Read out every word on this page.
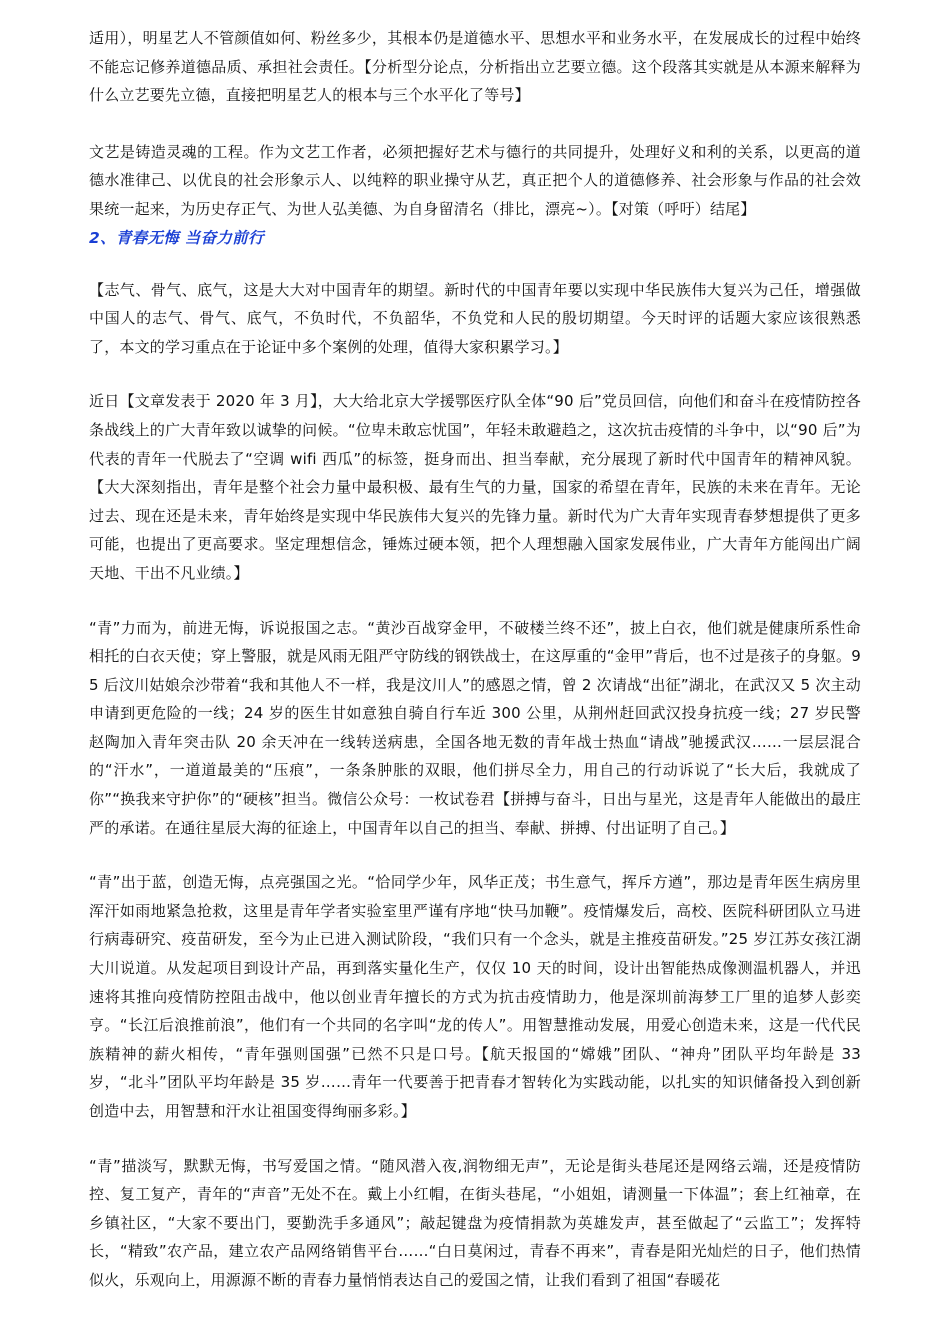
适用），明星艺人不管颜值如何、粉丝多少，其根本仍是道德水平、思想水平和业务水平，在发展成长的过程中始终不能忘记修养道德品质、承担社会责任。【分析型分论点，分析指出立艺要立德。这个段落其实就是从本源来解释为什么立艺要先立德，直接把明星艺人的根本与三个水平化了等号】

文艺是铸造灵魂的工程。作为文艺工作者，必须把握好艺术与德行的共同提升，处理好义和利的关系，以更高的道德水准律己、以优良的社会形象示人、以纯粹的职业操守从艺，真正把个人的道德修养、社会形象与作品的社会效果统一起来，为历史存正气、为世人弘美德、为自身留清名（排比，漂亮~）。【对策（呼吁）结尾】

2、青春无悔 当奋力前行

【志气、骨气、底气，这是大大对中国青年的期望。新时代的中国青年要以实现中华民族伟大复兴为己任，增强做中国人的志气、骨气、底气，不负时代，不负韶华，不负党和人民的殷切期望。今天时评的话题大家应该很熟悉了，本文的学习重点在于论证中多个案例的处理，值得大家积累学习。】

近日【文章发表于 2020 年 3 月】，大大给北京大学援鄂医疗队全体“90 后”党员回信，向他们和奋斗在疫情防控各条战线上的广大青年致以诚挚的问候。“位卑未敢忘忧国”，年轻未敢避趋之，这次抗击疫情的斗争中，以“90 后”为代表的青年一代脱去了“空调 wifi 西瓜”的标签，挺身而出、担当奉献，充分展现了新时代中国青年的精神风貌。【大大深刻指出，青年是整个社会力量中最积极、最有生气的力量，国家的希望在青年，民族的未来在青年。无论过去、现在还是未来，青年始终是实现中华民族伟大复兴的先锋力量。新时代为广大青年实现青春梦想提供了更多可能，也提出了更高要求。坚定理想信念，锤炼过硬本领，把个人理想融入国家发展伟业，广大青年方能闯出广阔天地、干出不凡业绩。】

“青”力而为，前进无悔，诉说报国之志。“黄沙百战穿金甲，不破楼兰终不还”，披上白衣，他们就是健康所系性命相托的白衣天使；穿上警服，就是风雨无阻严守防线的钢铁战士，在这厚重的“金甲”背后，也不过是孩子的身躯。95 后汶川姑娘佘沙带着“我和其他人不一样，我是汶川人”的感恩之情，曾 2 次请战“出征”湖北，在武汉又 5 次主动申请到更危险的一线；24 岁的医生甘如意独自骑自行车近 300 公里，从荆州赶回武汉投身抗疫一线；27 岁民警赵陶加入青年突击队 20 余天冲在一线转送病患，全国各地无数的青年战士热血“请战”驰援武汉……一层层混合的“汗水”，一道道最美的“压痕”，一条条肿胀的双眼，他们拼尽全力，用自己的行动诉说了“长大后，我就成了你”“换我来守护你”的“硬核”担当。微信公众号：一枚试卷君【拼搏与奋斗，日出与星光，这是青年人能做出的最庄严的承诺。在通往星辰大海的征途上，中国青年以自己的担当、奉献、拼搏、付出证明了自己。】

“青”出于蓝，创造无悔，点亮强国之光。“恰同学少年，风华正茂；书生意气，挥斥方遒”，那边是青年医生病房里浑汗如雨地紧急抢救，这里是青年学者实验室里严谨有序地“快马加鞭”。疫情爆发后，高校、医院科研团队立马进行病毒研究、疫苗研发，至今为止已进入测试阶段，“我们只有一个念头，就是主推疫苗研发。”25 岁江苏女孩江湖大川说道。从发起项目到设计产品，再到落实量化生产，仅仅 10 天的时间，设计出智能热成像测温机器人，并迅速将其推向疫情防控阻击战中，他以创业青年擅长的方式为抗击疫情助力，他是深圳前海梦工厂里的追梦人彭奕亨。“长江后浪推前浪”，他们有一个共同的名字叫“龙的传人”。用智慧推动发展，用爱心创造未来，这是一代代民族精神的薪火相传，“青年强则国强”已然不只是口号。【航天报国的“嫦娥”团队、“神舟”团队平均年龄是 33 岁，“北斗”团队平均年龄是 35 岁……青年一代要善于把青春才智转化为实践动能，以扎实的知识储备投入到创新创造中去，用智慧和汗水让祖国变得绚丽多彩。】

“青”描淡写，默默无悔，书写爱国之情。“随风潜入夜,润物细无声”，无论是街头巷尾还是网络云端，还是疫情防控、复工复产，青年的“声音”无处不在。戴上小红帽，在街头巷尾，“小姐姐，请测量一下体温”；套上红袖章，在乡镇社区，“大家不要出门，要勤洗手多通风”；敲起键盘为疫情捐款为英雄发声，甚至做起了“云监工”；发挥特长，“精致”农产品，建立农产品网络销售平台……“白日莫闲过，青春不再来”，青春是阳光灿烂的日子，他们热情似火，乐观向上，用源源不断的青春力量悄悄表达自己的爱国之情，让我们看到了祖国“春暖花
